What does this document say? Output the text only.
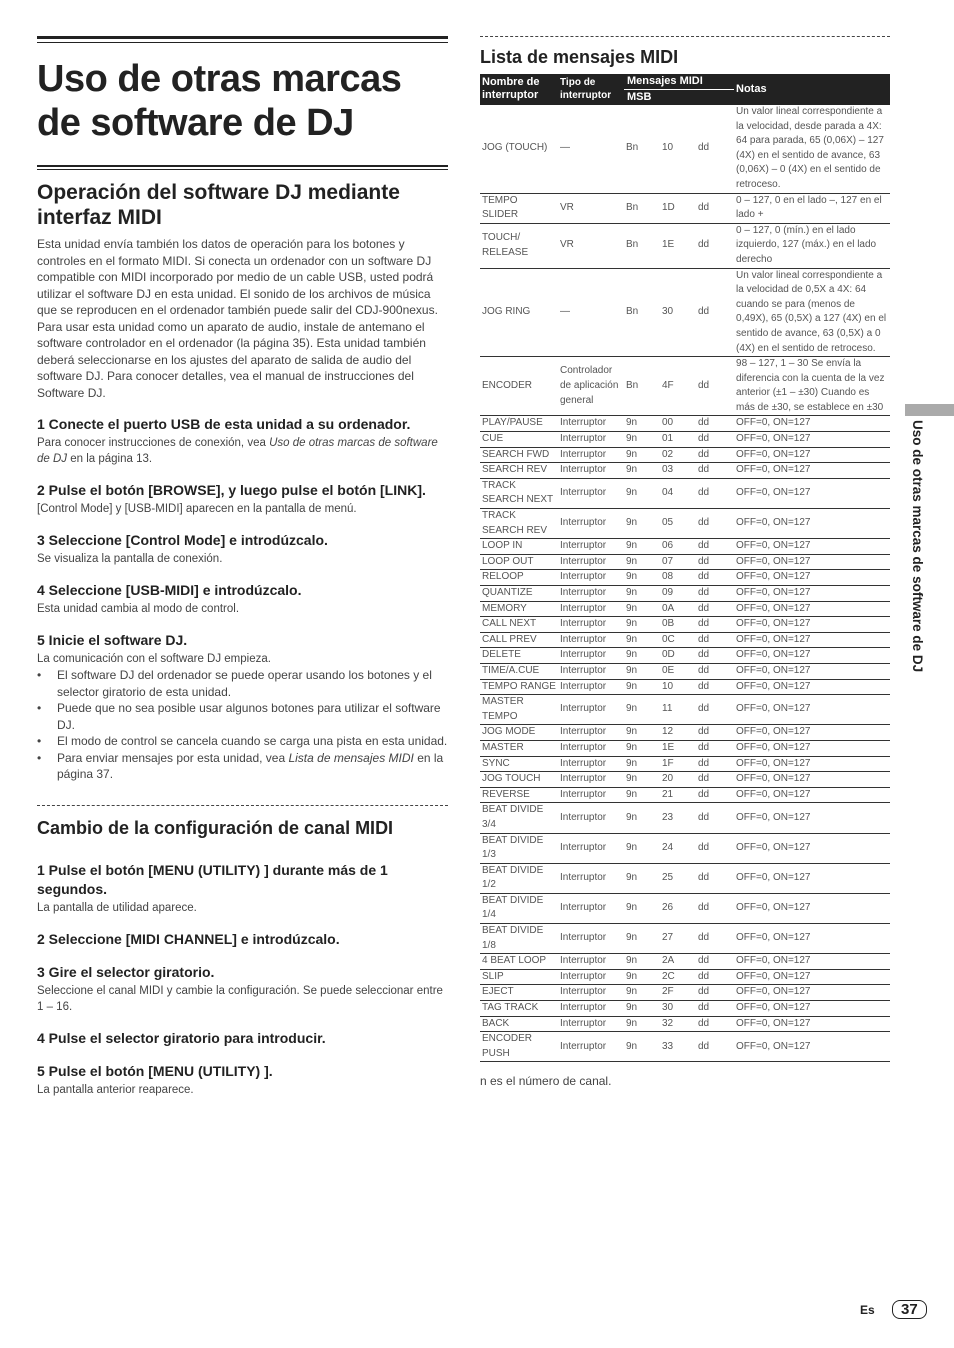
Uso de otras marcas de software de DJ
Operación del software DJ mediante interfaz MIDI

Esta unidad envía también los datos de operación para los botones y controles en el formato MIDI. Si conecta un ordenador con un software DJ compatible con MIDI incorporado por medio de un cable USB, usted podrá utilizar el software DJ en esta unidad. El sonido de los archivos de música que se reproducen en el ordenador también puede salir del CDJ-900nexus.

Para usar esta unidad como un aparato de audio, instale de antemano el software controlador en el ordenador (la página 35). Esta unidad también deberá seleccionarse en los ajustes del aparato de salida de audio del software DJ. Para conocer detalles, vea el manual de instrucciones del Software DJ.

1 Conecte el puerto USB de esta unidad a su ordenador.

Para conocer instrucciones de conexión, vea Uso de otras marcas de software de DJ en la página 13.

2 Pulse el botón [BROWSE], y luego pulse el botón [LINK].

[Control Mode] y [USB-MIDI] aparecen en la pantalla de menú.

3 Seleccione [Control Mode] e introdúzcalo.

Se visualiza la pantalla de conexión.

4 Seleccione [USB-MIDI] e introdúzcalo.

Esta unidad cambia al modo de control.

5 Inicie el software DJ.

La comunicación con el software DJ empieza.

• El software DJ del ordenador se puede operar usando los botones y el selector giratorio de esta unidad.
• Puede que no sea posible usar algunos botones para utilizar el software DJ.
• El modo de control se cancela cuando se carga una pista en esta unidad.
• Para enviar mensajes por esta unidad, vea Lista de mensajes MIDI en la página 37.
Cambio de la configuración de canal MIDI
1 Pulse el botón [MENU (UTILITY) ] durante más de 1 segundos.

La pantalla de utilidad aparece.

2 Seleccione [MIDI CHANNEL] e introdúzcalo.
3 Gire el selector giratorio.

Seleccione el canal MIDI y cambie la configuración. Se puede seleccionar entre 1 – 16.

4 Pulse el selector giratorio para introducir.
5 Pulse el botón [MENU (UTILITY) ].

La pantalla anterior reaparece.

Lista de mensajes MIDI
Nombre de interruptor	Tipo de interruptor	Mensajes MIDI
MSB			Notas
JOG (TOUCH)	—	Bn	10	dd	Un valor lineal correspondiente a la velocidad, desde parada a 4X: 64 para parada, 65 (0,06X) – 127 (4X) en el sentido de avance, 63 (0,06X) – 0 (4X) en el sentido de retroceso.
TEMPO SLIDER	VR	Bn	1D	dd	0 – 127, 0 en el lado –, 127 en el lado +
TOUCH/ RELEASE	VR	Bn	1E	dd	0 – 127, 0 (mín.) en el lado izquierdo, 127 (máx.) en el lado derecho
JOG RING	—	Bn	30	dd	Un valor lineal correspondiente a la velocidad de 0,5X a 4X: 64 cuando se para (menos de 0,49X), 65 (0,5X) a 127 (4X) en el sentido de avance, 63 (0,5X) a 0 (4X) en el sentido de retroceso.
ENCODER	Controlador de aplicación general	Bn	4F	dd	98 – 127, 1 – 30 Se envía la diferencia con la cuenta de la vez anterior (±1 – ±30) Cuando es más de ±30, se establece en ±30
PLAY/PAUSE	Interruptor	9n	00	dd	OFF=0, ON=127
CUE	Interruptor	9n	01	dd	OFF=0, ON=127
SEARCH FWD	Interruptor	9n	02	dd	OFF=0, ON=127
SEARCH REV	Interruptor	9n	03	dd	OFF=0, ON=127
TRACK SEARCH NEXT	Interruptor	9n	04	dd	OFF=0, ON=127
TRACK SEARCH REV	Interruptor	9n	05	dd	OFF=0, ON=127
LOOP IN	Interruptor	9n	06	dd	OFF=0, ON=127
LOOP OUT	Interruptor	9n	07	dd	OFF=0, ON=127
RELOOP	Interruptor	9n	08	dd	OFF=0, ON=127
QUANTIZE	Interruptor	9n	09	dd	OFF=0, ON=127
MEMORY	Interruptor	9n	0A	dd	OFF=0, ON=127
CALL NEXT	Interruptor	9n	0B	dd	OFF=0, ON=127
CALL PREV	Interruptor	9n	0C	dd	OFF=0, ON=127
DELETE	Interruptor	9n	0D	dd	OFF=0, ON=127
TIME/A.CUE	Interruptor	9n	0E	dd	OFF=0, ON=127
TEMPO RANGE	Interruptor	9n	10	dd	OFF=0, ON=127
MASTER TEMPO	Interruptor	9n	11	dd	OFF=0, ON=127
JOG MODE	Interruptor	9n	12	dd	OFF=0, ON=127
MASTER	Interruptor	9n	1E	dd	OFF=0, ON=127
SYNC	Interruptor	9n	1F	dd	OFF=0, ON=127
JOG TOUCH	Interruptor	9n	20	dd	OFF=0, ON=127
REVERSE	Interruptor	9n	21	dd	OFF=0, ON=127
BEAT DIVIDE 3/4	Interruptor	9n	23	dd	OFF=0, ON=127
BEAT DIVIDE 1/3	Interruptor	9n	24	dd	OFF=0, ON=127
BEAT DIVIDE 1/2	Interruptor	9n	25	dd	OFF=0, ON=127
BEAT DIVIDE 1/4	Interruptor	9n	26	dd	OFF=0, ON=127
BEAT DIVIDE 1/8	Interruptor	9n	27	dd	OFF=0, ON=127
4 BEAT LOOP	Interruptor	9n	2A	dd	OFF=0, ON=127
SLIP	Interruptor	9n	2C	dd	OFF=0, ON=127
EJECT	Interruptor	9n	2F	dd	OFF=0, ON=127
TAG TRACK	Interruptor	9n	30	dd	OFF=0, ON=127
BACK	Interruptor	9n	32	dd	OFF=0, ON=127
ENCODER PUSH	Interruptor	9n	33	dd	OFF=0, ON=127
n es el número de canal.
Uso de otras marcas de software de DJ
Es 37
